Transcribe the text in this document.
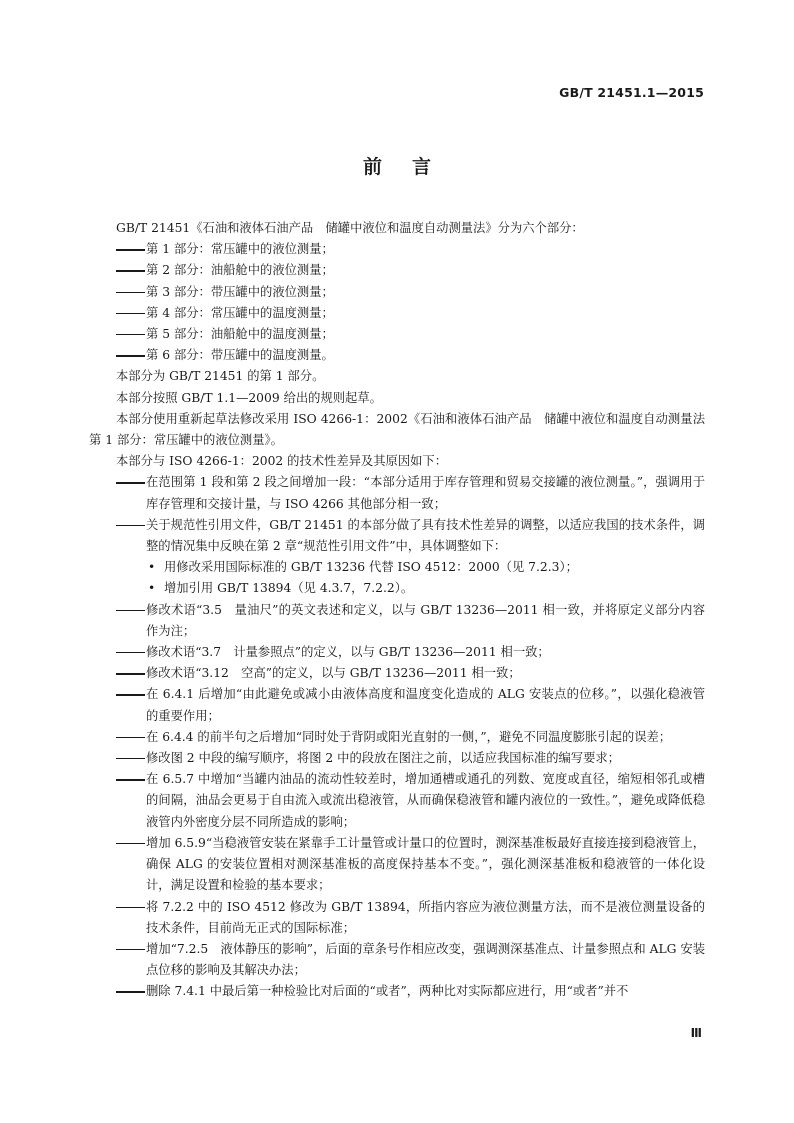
GB/T 21451.1—2015
前言

GB/T 21451《石油和液体石油产品　储罐中液位和温度自动测量法》分为六个部分：

第 1 部分：常压罐中的液位测量；
第 2 部分：油船舱中的液位测量；
第 3 部分：带压罐中的液位测量；
第 4 部分：常压罐中的温度测量；
第 5 部分：油船舱中的温度测量；
第 6 部分：带压罐中的温度测量。

本部分为 GB/T 21451 的第 1 部分。

本部分按照 GB/T 1.1—2009 给出的规则起草。

本部分使用重新起草法修改采用 ISO 4266-1：2002《石油和液体石油产品　储罐中液位和温度自动测量法　第 1 部分：常压罐中的液位测量》。

本部分与 ISO 4266-1：2002 的技术性差异及其原因如下：

在范围第 1 段和第 2 段之间增加一段：“本部分适用于库存管理和贸易交接罐的液位测量。”，强调用于库存管理和交接计量，与 ISO 4266 其他部分相一致；
关于规范性引用文件，GB/T 21451 的本部分做了具有技术性差异的调整，以适应我国的技术条件，调整的情况集中反映在第 2 章“规范性引用文件”中，具体调整如下：
• 用修改采用国际标准的 GB/T 13236 代替 ISO 4512：2000（见 7.2.3）；
• 增加引用 GB/T 13894（见 4.3.7，7.2.2）。
修改术语“3.5　量油尺”的英文表述和定义，以与 GB/T 13236—2011 相一致，并将原定义部分内容作为注；
修改术语“3.7　计量参照点”的定义，以与 GB/T 13236—2011 相一致；
修改术语“3.12　空高”的定义，以与 GB/T 13236—2011 相一致；
在 6.4.1 后增加“由此避免或减小由液体高度和温度变化造成的 ALG 安装点的位移。”，以强化稳液管的重要作用；
在 6.4.4 的前半句之后增加“同时处于背阴或阳光直射的一侧，”，避免不同温度膨胀引起的误差；
修改图 2 中段的编写顺序，将图 2 中的段放在图注之前，以适应我国标准的编写要求；
在 6.5.7 中增加“当罐内油品的流动性较差时，增加通槽或通孔的列数、宽度或直径，缩短相邻孔或槽的间隔，油品会更易于自由流入或流出稳液管，从而确保稳液管和罐内液位的一致性。”，避免或降低稳液管内外密度分层不同所造成的影响；
增加 6.5.9“当稳液管安装在紧靠手工计量管或计量口的位置时，测深基准板最好直接连接到稳液管上，确保 ALG 的安装位置相对测深基准板的高度保持基本不变。”，强化测深基准板和稳液管的一体化设计，满足设置和检验的基本要求；
将 7.2.2 中的 ISO 4512 修改为 GB/T 13894，所指内容应为液位测量方法，而不是液位测量设备的技术条件，目前尚无正式的国际标准；
增加“7.2.5　液体静压的影响”，后面的章条号作相应改变，强调测深基准点、计量参照点和 ALG 安装点位移的影响及其解决办法；
删除 7.4.1 中最后第一种检验比对后面的“或者”，两种比对实际都应进行，用“或者”并不
Ⅲ
